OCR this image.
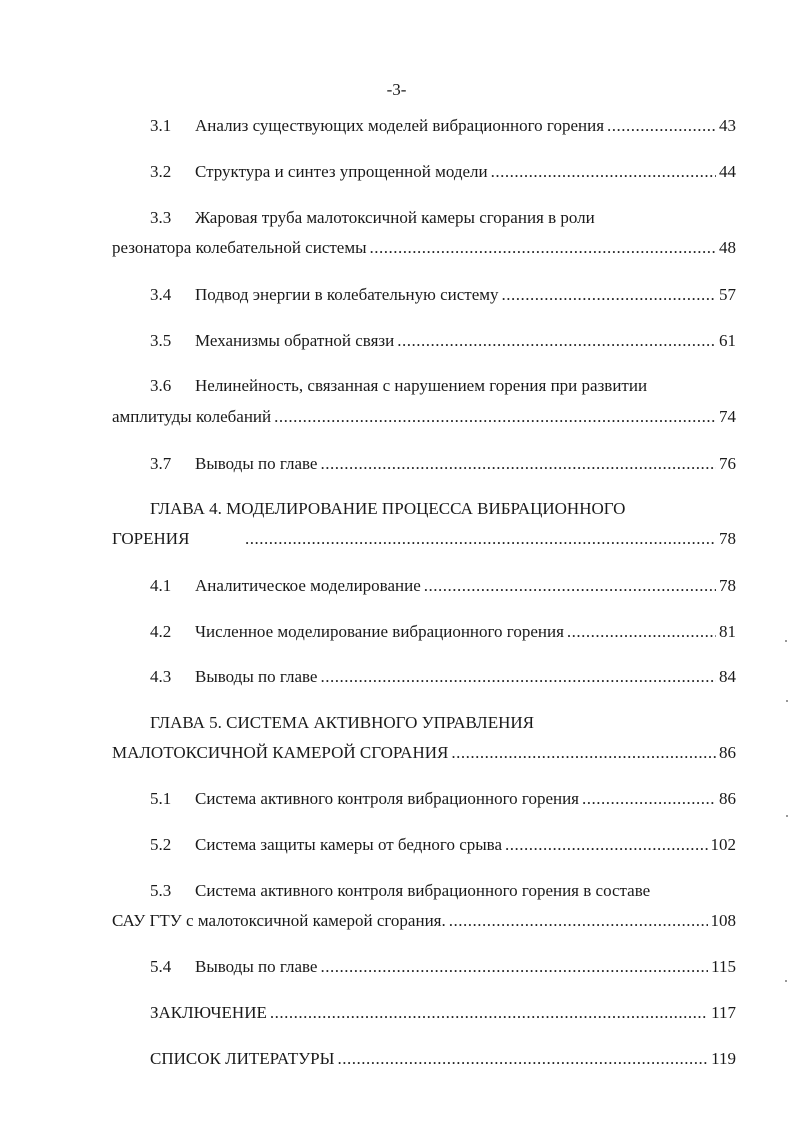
-3-
3.1 Анализ существующих моделей вибрационного горения .....	43
3.2 Структура и синтез упрощенной модели .....	44
3.3 Жаровая труба малотоксичной камеры сгорания в роли
резонатора колебательной системы .....	48
3.4 Подвод энергии в колебательную систему .....	57
3.5 Механизмы обратной связи .....	61
3.6 Нелинейность, связанная с нарушением горения при развитии
амплитуды колебаний .....	74
3.7 Выводы по главе .....	76
ГЛАВА 4. МОДЕЛИРОВАНИЕ ПРОЦЕССА ВИБРАЦИОННОГО
ГОРЕНИЯ .....	78
4.1 Аналитическое моделирование .....	78
4.2 Численное моделирование вибрационного горения .....	81
4.3 Выводы по главе .....	84
ГЛАВА 5. СИСТЕМА АКТИВНОГО УПРАВЛЕНИЯ
МАЛОТОКСИЧНОЙ КАМЕРОЙ СГОРАНИЯ .....	86
5.1 Система активного контроля вибрационного горения .....	86
5.2 Система защиты камеры от бедного срыва .....	102
5.3 Система активного контроля вибрационного горения в составе
САУ ГТУ с малотоксичной камерой сгорания. .....	108
5.4 Выводы по главе .....	115
ЗАКЛЮЧЕНИЕ .....	117
СПИСОК ЛИТЕРАТУРЫ .....	119
